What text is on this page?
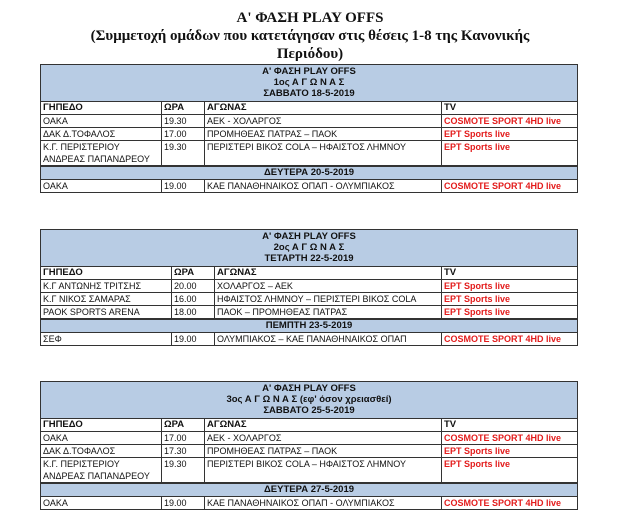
Α' ΦΑΣΗ PLAY OFFS
(Συμμετοχή ομάδων που κατετάγησαν στις θέσεις 1-8 της Κανονικής
Περιόδου)
Α' ΦΑΣΗ PLAY OFFS
1ος Α Γ Ω Ν Α Σ
ΣΑΒΒΑΤΟ 18-5-2019
ΓΗΠΕΔΟ	ΩΡΑ	ΑΓΩΝΑΣ	TV
ΟΑΚΑ	19.30	ΑΕΚ - ΧΟΛΑΡΓΟΣ	COSMOTE SPORT 4HD live
ΔΑΚ Δ.ΤΟΦΑΛΟΣ	17.00	ΠΡΟΜΗΘΕΑΣ ΠΑΤΡΑΣ – ΠΑΟΚ	ΕΡΤ Sports live
Κ.Γ. ΠΕΡΙΣΤΕΡΙΟΥ
ΑΝΔΡΕΑΣ ΠΑΠΑΝΔΡΕΟΥ
19.30	ΠΕΡΙΣΤΕΡΙ ΒΙΚΟΣ COLA – ΗΦΑΙΣΤΟΣ ΛΗΜΝΟΥ	ΕΡΤ Sports live
ΔΕΥΤΕΡΑ 20-5-2019
ΟΑΚΑ	19.00	ΚΑΕ ΠΑΝΑΘΗΝΑΙΚΟΣ ΟΠΑΠ - ΟΛΥΜΠΙΑΚΟΣ	COSMOTE SPORT 4HD live
Α' ΦΑΣΗ PLAY OFFS
2ος Α Γ Ω Ν Α Σ
ΤΕΤΑΡΤΗ 22-5-2019
ΓΗΠΕΔΟ	ΩΡΑ	ΑΓΩΝΑΣ	TV
Κ.Γ ΑΝΤΩΝΗΣ ΤΡΙΤΣΗΣ	20.00	ΧΟΛΑΡΓΟΣ – ΑΕΚ	ΕΡΤ Sports live
Κ.Γ ΝΙΚΟΣ ΣΑΜΑΡΑΣ	16.00	ΗΦΑΙΣΤΟΣ ΛΗΜΝΟΥ – ΠΕΡΙΣΤΕΡΙ ΒΙΚΟΣ COLA	ΕΡΤ Sports live
PAOK SPORTS ARENA	18.00	ΠΑΟΚ – ΠΡΟΜΗΘΕΑΣ ΠΑΤΡΑΣ	ΕΡΤ Sports live
ΠΕΜΠΤΗ 23-5-2019
ΣΕΦ	19.00	ΟΛΥΜΠΙΑΚΟΣ – ΚΑΕ ΠΑΝΑΘΗΝΑΙΚΟΣ ΟΠΑΠ	COSMOTE SPORT 4HD live
Α' ΦΑΣΗ PLAY OFFS
3ος Α Γ Ω Ν Α Σ (εφ' όσον χρειασθεί)
ΣΑΒΒΑΤΟ 25-5-2019
ΓΗΠΕΔΟ	ΩΡΑ	ΑΓΩΝΑΣ	TV
ΟΑΚΑ	17.00	ΑΕΚ - ΧΟΛΑΡΓΟΣ	COSMOTE SPORT 4HD live
ΔΑΚ Δ.ΤΟΦΑΛΟΣ	17.30	ΠΡΟΜΗΘΕΑΣ ΠΑΤΡΑΣ – ΠΑΟΚ	ΕΡΤ Sports live
Κ.Γ. ΠΕΡΙΣΤΕΡΙΟΥ
ΑΝΔΡΕΑΣ ΠΑΠΑΝΔΡΕΟΥ
19.30	ΠΕΡΙΣΤΕΡΙ ΒΙΚΟΣ COLA – ΗΦΑΙΣΤΟΣ ΛΗΜΝΟΥ	ΕΡΤ Sports live
ΔΕΥΤΕΡΑ 27-5-2019
ΟΑΚΑ	19.00	ΚΑΕ ΠΑΝΑΘΗΝΑΙΚΟΣ ΟΠΑΠ - ΟΛΥΜΠΙΑΚΟΣ	COSMOTE SPORT 4HD live
